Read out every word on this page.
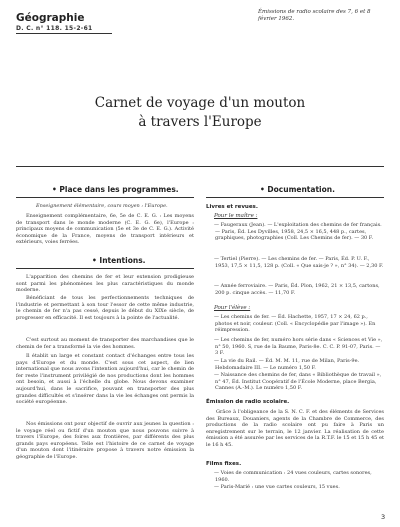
Géographie
D. C. n° 118. 15-2-61
Émissions de radio scolaire des 7, 6 et 8 février 1962.
Carnet de voyage d'un mouton
à travers l'Europe
• Place dans les programmes.

Enseignement élémentaire, cours moyen : l'Europe.

Enseignement complémentaire, 6e, 5e de C. E. G. : Les moyens de transport dans le monde moderne (C. E. G. 6e), l'Europe : principaux moyens de communication (5e et 3e de C. E. G.). Activité économique de la France, moyens de transport intérieurs et extérieurs, voies ferrées.

• Intentions.

L'apparition des chemins de fer et leur extension prodigieuse sont parmi les phénomènes les plus caractéristiques du monde moderne.

Bénéficiant de tous les perfectionnements techniques de l'industrie et permettant à son tour l'essor de cette même industrie, le chemin de fer n'a pas cessé, depuis le début du XIXe siècle, de progresser en efficacité. Il est toujours à la pointe de l'actualité.

C'est surtout au moment de transporter des marchandises que le chemin de fer a transformé la vie des hommes.

Il établit un large et constant contact d'échanges entre tous les pays d'Europe et du monde. C'est sous cet aspect, de lien international que nous avons l'intention aujourd'hui, car le chemin de fer reste l'instrument privilégié de nos productions dont les hommes ont besoin, et aussi à l'échelle du globe. Nous devons examiner aujourd'hui, dans le sacrifice, pouvant en transporter des plus grandes difficultés et s'insérer dans la vie les échanges ont permis la société européenne.

Nos émissions ont pour objectif de ouvrir aux jeunes la question : le voyage réel ou fictif d'un mouton que nous pouvons suivre à travers l'Europe, des foires aux frontières, par différents des plus grands pays européens. Telle est l'histoire de ce carnet de voyage d'un mouton dont l'itinéraire propose à travers notre émission la géographie de l'Europe.

• Documentation.
Livres et revues.
Pour le maître :

— Faugeraux (Jean). — L'exploitation des chemins de fer français. — Paris, Éd. Les Dyvilles, 1958, 24,5 × 16,5, 448 p., cartes, graphiques, photographies (Coll. Les Chemins de fer). — 30 F.

— Tertiel (Pierre). — Les chemins de fer. — Paris, Éd. P. U. F., 1953, 17,5 × 11,5, 128 p. (Coll. « Que sais-je ? », n° 34). — 2,30 F.

— Année ferroviaire. — Paris, Éd. Plon, 1962, 21 × 13,5, cartons, 200 p. cinque accès. — 11,70 F.

Pour l'élève :

— Les chemins de fer. — Éd. Hachette, 1957, 17 × 24, 62 p., photos et noir, couleur. (Coll. « Encyclopédie par l'image »). En réimpression.

— Les chemins de fer, numéro hors série dans « Sciences et Vie », n° 50, 1960. S, rue de la Baume, Paris-8e. C. C. P. 91-07, Paris. — 3 F.

— La vie du Rail. — Éd. M. M. 11, rue de Milan, Paris-9e. Hebdomadaire III. — Le numéro 1,50 F.

— Naissance des chemins de fer, dans « Bibliothèque de travail », n° 47, Éd. Institut Coopératif de l'École Moderne, place Bergia, Cannes (A.-M.). Le numéro 1,50 F.

Émission de radio scolaire.

Grâce à l'obligeance de la S. N. C. F. et des éléments de Services des Bureaux, Douaniers, agents de la Chambre de Commerce, des productions de la radio scolaire ont pu faire à Paris un enregistrement sur le terrain, le 12 janvier. La réalisation de cette émission a été assurée par les services de la R.T.F. le 15 et 15 h 45 et le 16 h 45.

Films fixes.

— Voies de communication : 24 vues couleurs, cartes sonores, 1960.

— Paris-Marié : une vue cartes couleurs, 15 vues.

3
